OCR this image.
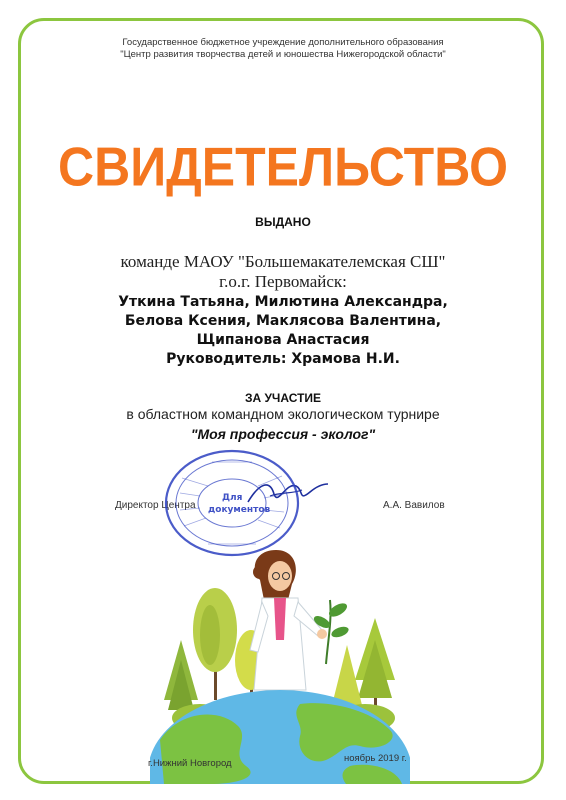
Государственное бюджетное учреждение дополнительного образования
"Центр развития творчества детей и юношества Нижегородской области"
СВИДЕТЕЛЬСТВО
ВЫДАНО
команде МАОУ "Большемакателемская СШ"
г.о.г. Первомайск:
Уткина Татьяна, Милютина Александра,
Белова Ксения, Маклясова Валентина,
Щипанова Анастасия
Руководитель: Храмова Н.И.
ЗА УЧАСТИЕ
в областном командном экологическом турнире
"Моя профессия - эколог"
Директор Центра	А.А. Вавилов
Для
документов
г.Нижний Новгород	ноябрь 2019 г.
